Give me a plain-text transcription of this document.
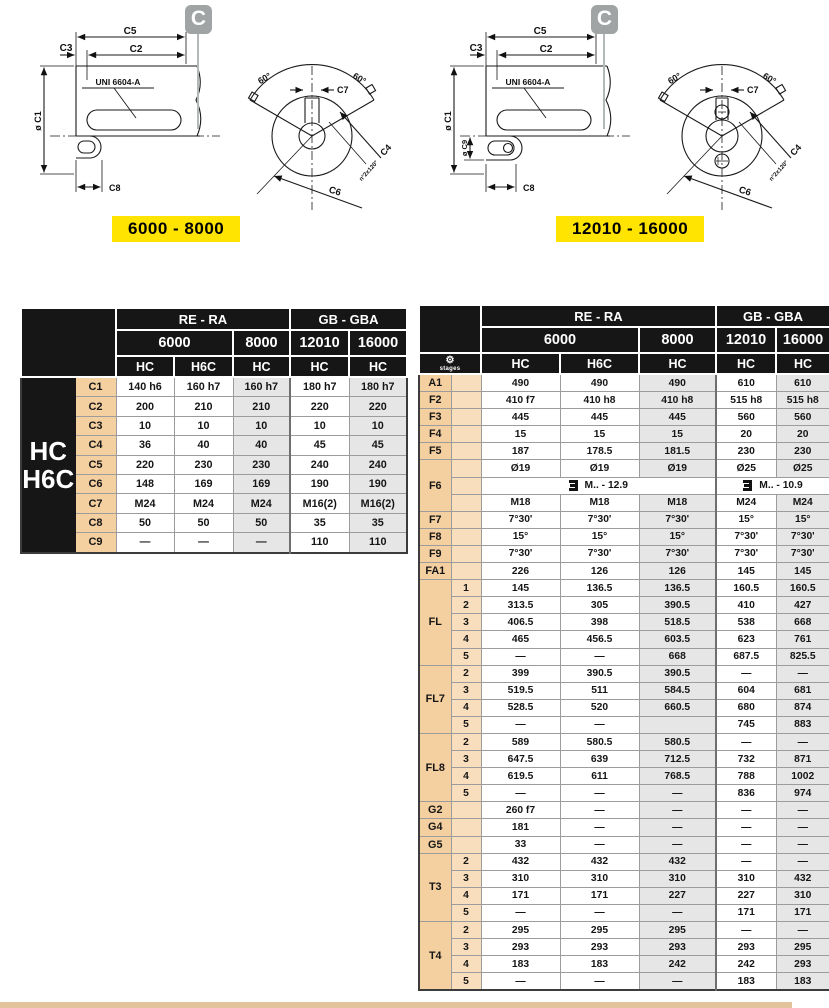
C	C
C5
C2
C3
UNI 6604-A
ø C1
C8
60°	60°
C7
C4
n°2x120°
C6
C5
C2
C3
UNI 6604-A
ø C1
ø C9
C8
60°	60°
C7
C4
n°2x120°
C6
6000 - 8000	12010 - 16000
		RE - RA			GB - GBA	
		6000		8000	12010	16000
		HC	H6C	HC	HC	HC

HC
H6C	C1	140 h6	160 h7	160 h7	180 h7	180 h7
	C2	200	210	210	220	220
	C3	10	10	10	10	10
	C4	36	40	40	45	45
	C5	220	230	230	240	240
	C6	148	169	169	190	190
	C7	M24	M24	M24	M16(2)	M16(2)
	C8	50	50	50	35	35
	C9	—	—	—	110	110
		RE - RA			GB - GBA	
		6000		8000	12010	16000

⚙
stages		HC	H6C	HC	HC	HC
A1		490	490	490	610	610
F2		410 f7	410 h8	410 h8	515 h8	515 h8
F3		445	445	445	560	560
F4		15	15	15	20	20
F5		187	178.5	181.5	230	230
F6		Ø19	Ø19	Ø19	Ø25	Ø25
		M.. - 12.9			M.. - 10.9	
		M18	M18	M18	M24	M24
F7		7°30'	7°30'	7°30'	15°	15°
F8		15°	15°	15°	7°30'	7°30'
F9		7°30'	7°30'	7°30'	7°30'	7°30'
FA1		226	126	126	145	145
FL	1	145	136.5	136.5	160.5	160.5
	2	313.5	305	390.5	410	427
	3	406.5	398	518.5	538	668
	4	465	456.5	603.5	623	761
	5	—	—	668	687.5	825.5
FL7	2	399	390.5	390.5	—	—
	3	519.5	511	584.5	604	681
	4	528.5	520	660.5	680	874
	5	—	—		745	883
FL8	2	589	580.5	580.5	—	—
	3	647.5	639	712.5	732	871
	4	619.5	611	768.5	788	1002
	5	—	—	—	836	974
G2		260 f7	—	—	—	—
G4		181	—	—	—	—
G5		33	—	—	—	—
T3	2	432	432	432	—	—
	3	310	310	310	310	432
	4	171	171	227	227	310
	5	—	—	—	171	171
T4	2	295	295	295	—	—
	3	293	293	293	293	295
	4	183	183	242	242	293
	5	—	—	—	183	183
